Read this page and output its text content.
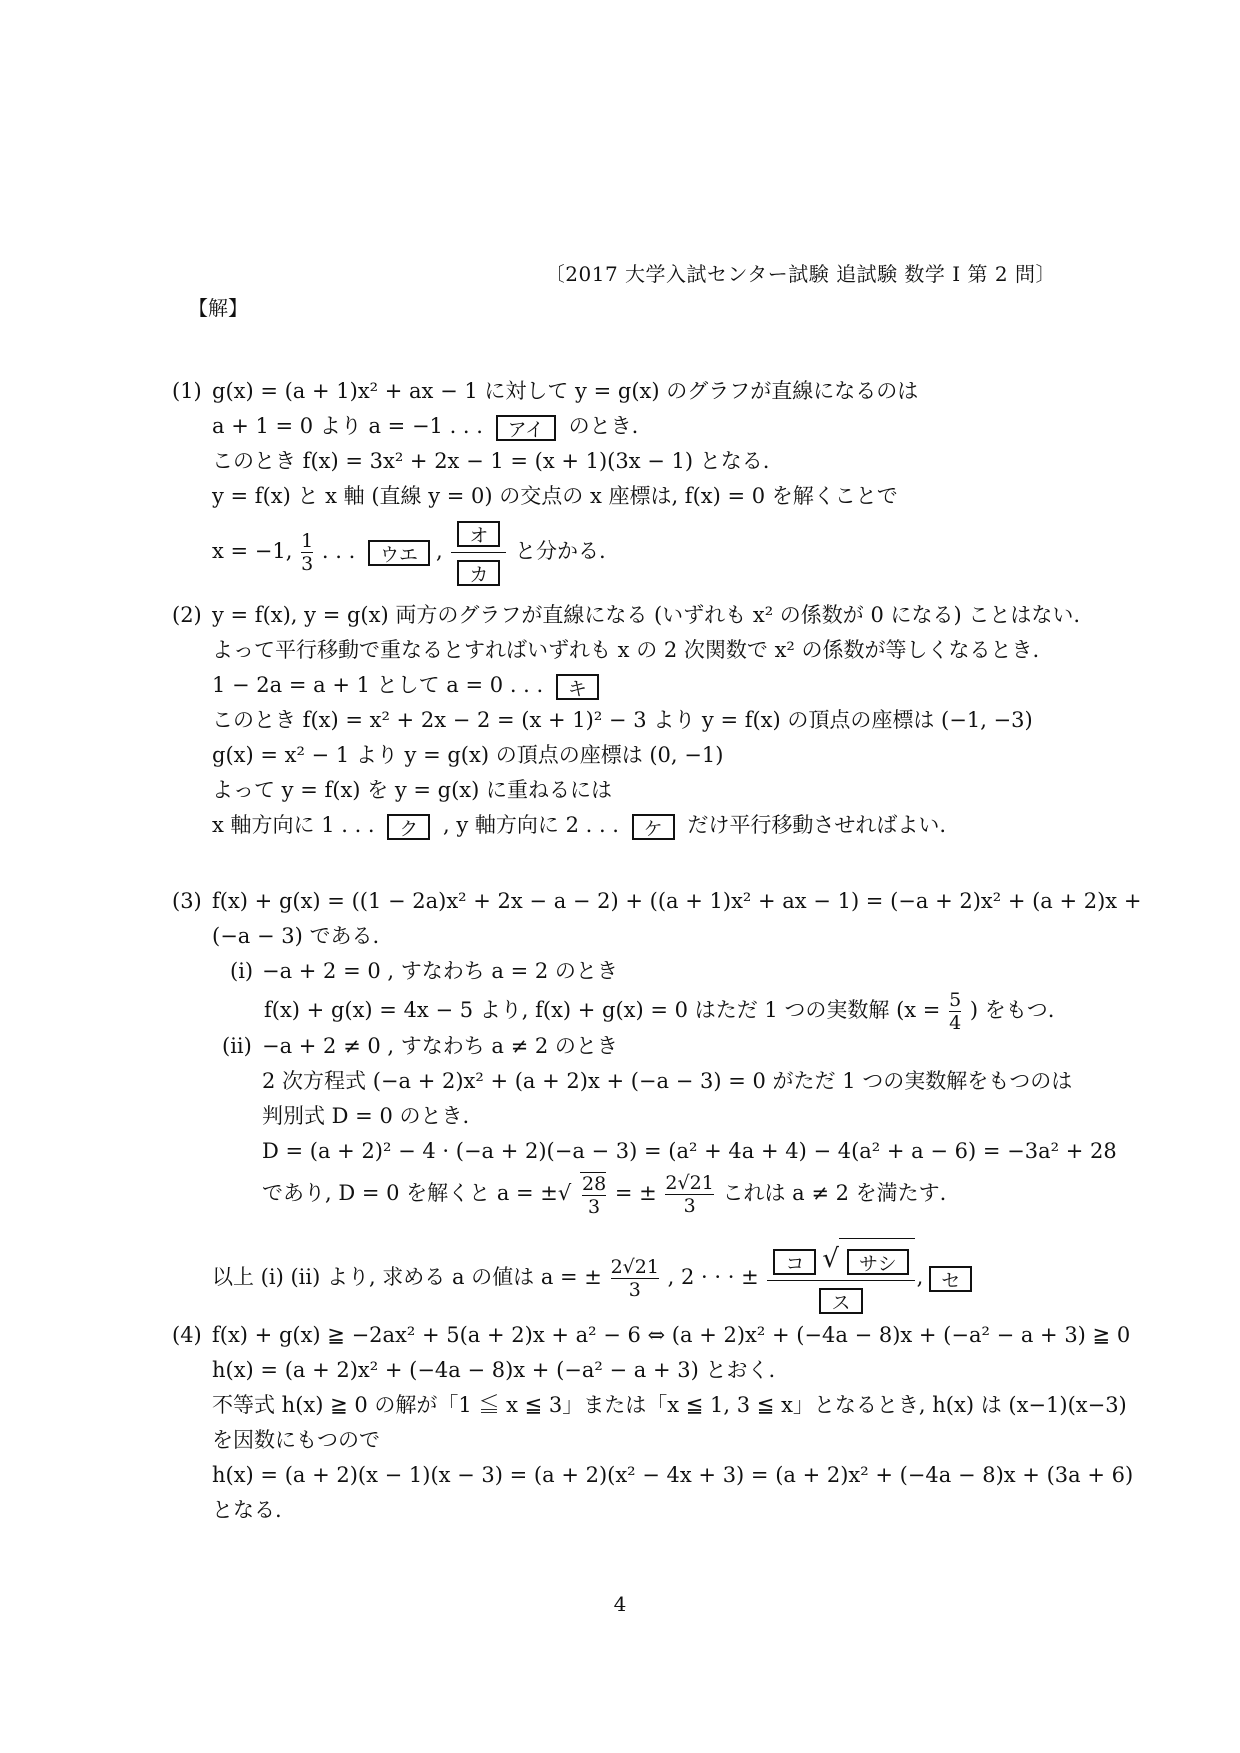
〔2017 大学入試センター試験 追試験 数学 I 第 2 問〕
【解】
(1) g(x) = (a + 1)x² + ax − 1 に対して y = g(x) のグラフが直線になるのは
a + 1 = 0 より a = −1 . . . アイ のとき.
このとき f(x) = 3x² + 2x − 1 = (x + 1)(3x − 1) となる.
y = f(x) と x 軸 (直線 y = 0) の交点の x 座標は, f(x) = 0 を解くことで
x = −1, $\frac{1}{3}$ . . . ウエ , $\frac{\text{オ}}{\text{カ}}$ と分かる.
(2) y = f(x), y = g(x) 両方のグラフが直線になる (いずれも x² の係数が 0 になる) ことはない.
よって平行移動で重なるとすればいずれも x の 2 次関数で x² の係数が等しくなるとき.
1 − 2a = a + 1 として a = 0 . . . キ
このとき f(x) = x² + 2x − 2 = (x + 1)² − 3 より y = f(x) の頂点の座標は (−1, −3)
g(x) = x² − 1 より y = g(x) の頂点の座標は (0, −1)
よって y = f(x) を y = g(x) に重ねるには
x 軸方向に 1 . . . ク , y 軸方向に 2 . . . ケ だけ平行移動させればよい.
(3) f(x) + g(x) = ((1 − 2a)x² + 2x − a − 2) + ((a + 1)x² + ax − 1) = (−a + 2)x² + (a + 2)x +
(−a − 3) である.
(i) −a + 2 = 0 , すなわち a = 2 のとき
f(x) + g(x) = 4x − 5 より, f(x) + g(x) = 0 はただ 1 つの実数解 ($x = \frac{5}{4}$ ) をもつ.
(ii) −a + 2 ≠ 0 , すなわち a ≠ 2 のとき
2 次方程式 (−a + 2)x² + (a + 2)x + (−a − 3) = 0 がただ 1 つの実数解をもつのは
判別式 D = 0 のとき.
D = (a + 2)² − 4 · (−a + 2)(−a − 3) = (a² + 4a + 4) − 4(a² + a − 6) = −3a² + 28
であり, D = 0 を解くと a = ±√ $\frac{28}{3}$ = ± $\frac{2√21}{3}$ これは a ≠ 2 を満たす.
以上 (i) (ii) より, 求める a の値は a = ± $\frac{2√21}{3}$ , 2 · · · ± $\frac{\text{コ √ サシ}}{\text{ス}}$ , セ
(4) f(x) + g(x) ≧ −2ax² + 5(a + 2)x + a² − 6 ⇔ (a + 2)x² + (−4a − 8)x + (−a² − a + 3) ≧ 0
h(x) = (a + 2)x² + (−4a − 8)x + (−a² − a + 3) とおく.
不等式 h(x) ≧ 0 の解が「1 ≦ x ≦ 3」または「x ≦ 1, 3 ≦ x」となるとき, h(x) は (x−1)(x−3)
を因数にもつので
h(x) = (a + 2)(x − 1)(x − 3) = (a + 2)(x² − 4x + 3) = (a + 2)x² + (−4a − 8)x + (3a + 6)
となる.
4
